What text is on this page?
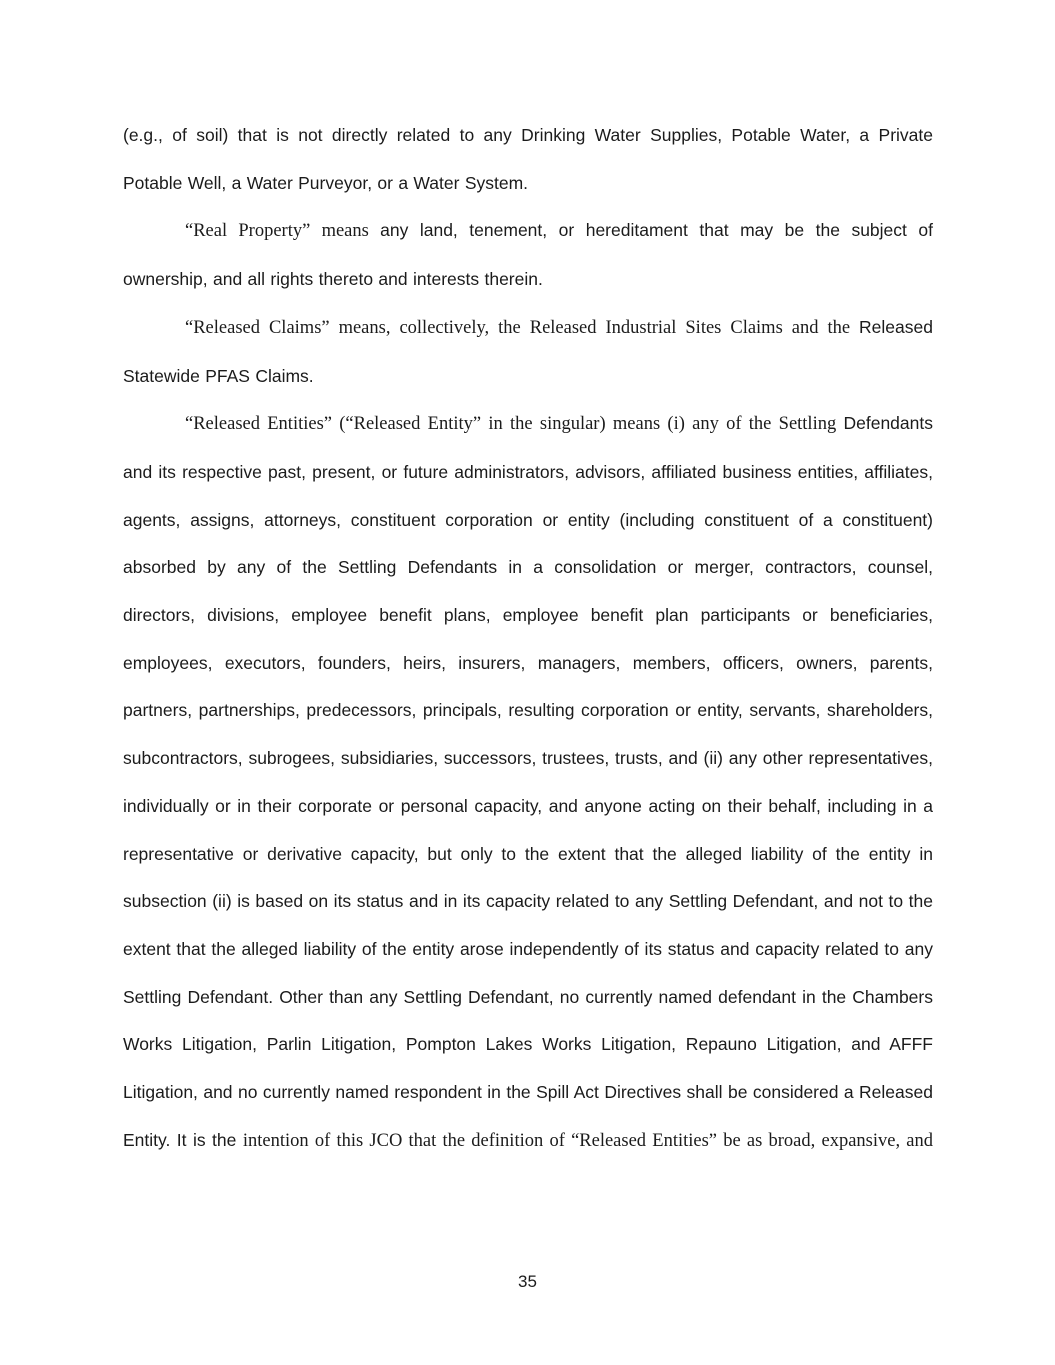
(e.g., of soil) that is not directly related to any Drinking Water Supplies, Potable Water, a Private Potable Well, a Water Purveyor, or a Water System.

“Real Property” means any land, tenement, or hereditament that may be the subject of ownership, and all rights thereto and interests therein.

“Released Claims” means, collectively, the Released Industrial Sites Claims and the Released Statewide PFAS Claims.

“Released Entities” (“Released Entity” in the singular) means (i) any of the Settling Defendants and its respective past, present, or future administrators, advisors, affiliated business entities, affiliates, agents, assigns, attorneys, constituent corporation or entity (including constituent of a constituent) absorbed by any of the Settling Defendants in a consolidation or merger, contractors, counsel, directors, divisions, employee benefit plans, employee benefit plan participants or beneficiaries, employees, executors, founders, heirs, insurers, managers, members, officers, owners, parents, partners, partnerships, predecessors, principals, resulting corporation or entity, servants, shareholders, subcontractors, subrogees, subsidiaries, successors, trustees, trusts, and (ii) any other representatives, individually or in their corporate or personal capacity, and anyone acting on their behalf, including in a representative or derivative capacity, but only to the extent that the alleged liability of the entity in subsection (ii) is based on its status and in its capacity related to any Settling Defendant, and not to the extent that the alleged liability of the entity arose independently of its status and capacity related to any Settling Defendant. Other than any Settling Defendant, no currently named defendant in the Chambers Works Litigation, Parlin Litigation, Pompton Lakes Works Litigation, Repauno Litigation, and AFFF Litigation, and no currently named respondent in the Spill Act Directives shall be considered a Released Entity. It is the intention of this JCO that the definition of “Released Entities” be as broad, expansive, and

35
